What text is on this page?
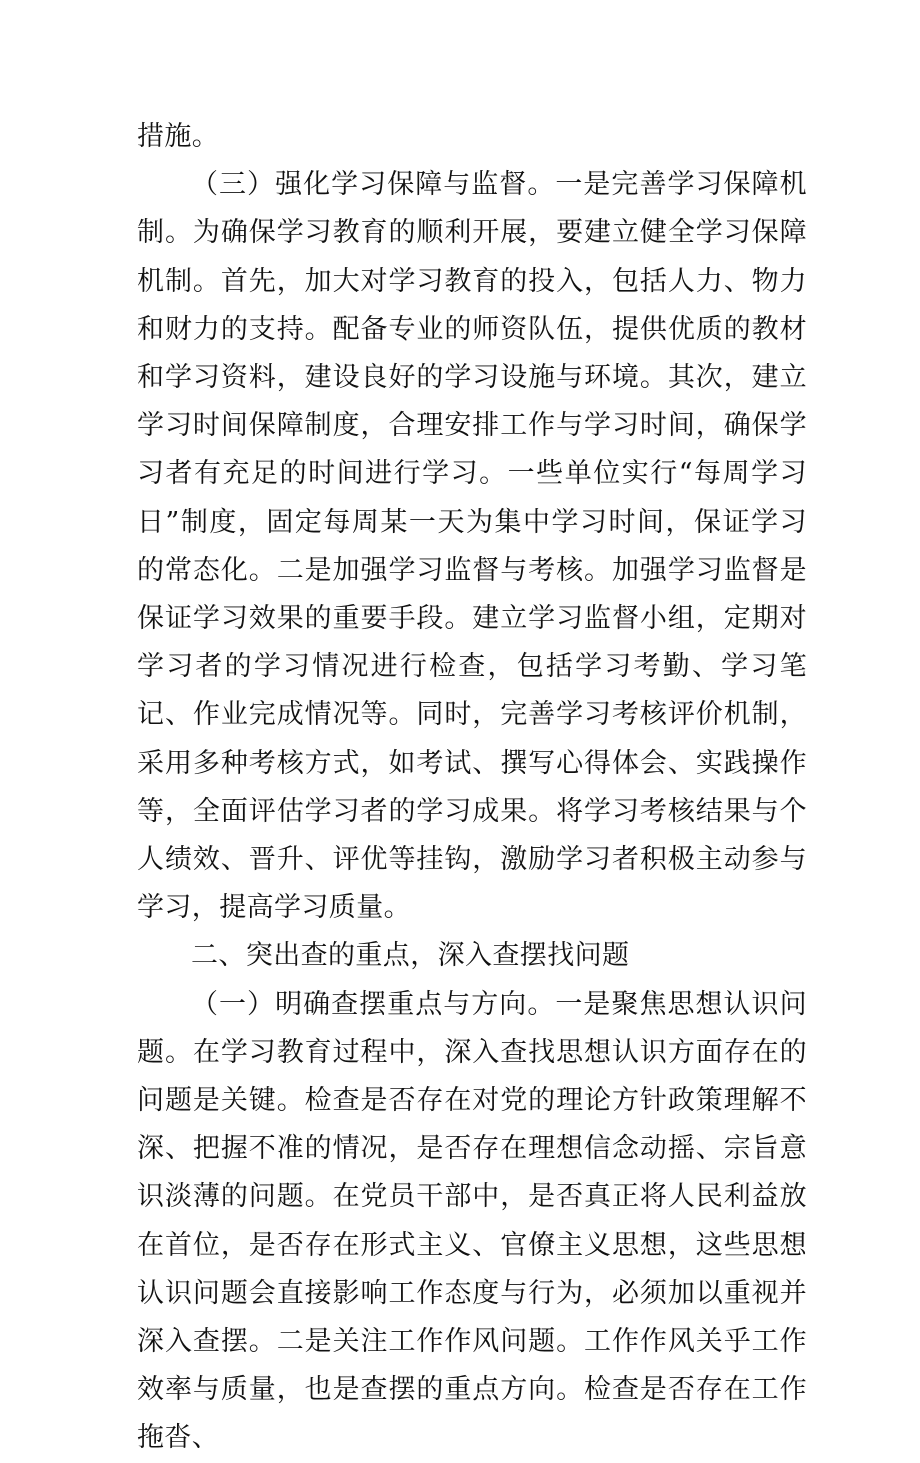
措施。

（三）强化学习保障与监督。一是完善学习保障机制。为确保学习教育的顺利开展，要建立健全学习保障机制。首先，加大对学习教育的投入，包括人力、物力和财力的支持。配备专业的师资队伍，提供优质的教材和学习资料，建设良好的学习设施与环境。其次，建立学习时间保障制度，合理安排工作与学习时间，确保学习者有充足的时间进行学习。一些单位实行“每周学习日”制度，固定每周某一天为集中学习时间，保证学习的常态化。二是加强学习监督与考核。加强学习监督是保证学习效果的重要手段。建立学习监督小组，定期对学习者的学习情况进行检查，包括学习考勤、学习笔记、作业完成情况等。同时，完善学习考核评价机制，采用多种考核方式，如考试、撰写心得体会、实践操作等，全面评估学习者的学习成果。将学习考核结果与个人绩效、晋升、评优等挂钩，激励学习者积极主动参与学习，提高学习质量。

二、突出查的重点，深入查摆找问题

（一）明确查摆重点与方向。一是聚焦思想认识问题。在学习教育过程中，深入查找思想认识方面存在的问题是关键。检查是否存在对党的理论方针政策理解不深、把握不准的情况，是否存在理想信念动摇、宗旨意识淡薄的问题。在党员干部中，是否真正将人民利益放在首位，是否存在形式主义、官僚主义思想，这些思想认识问题会直接影响工作态度与行为，必须加以重视并深入查摆。二是关注工作作风问题。工作作风关乎工作效率与质量，也是查摆的重点方向。检查是否存在工作拖沓、
